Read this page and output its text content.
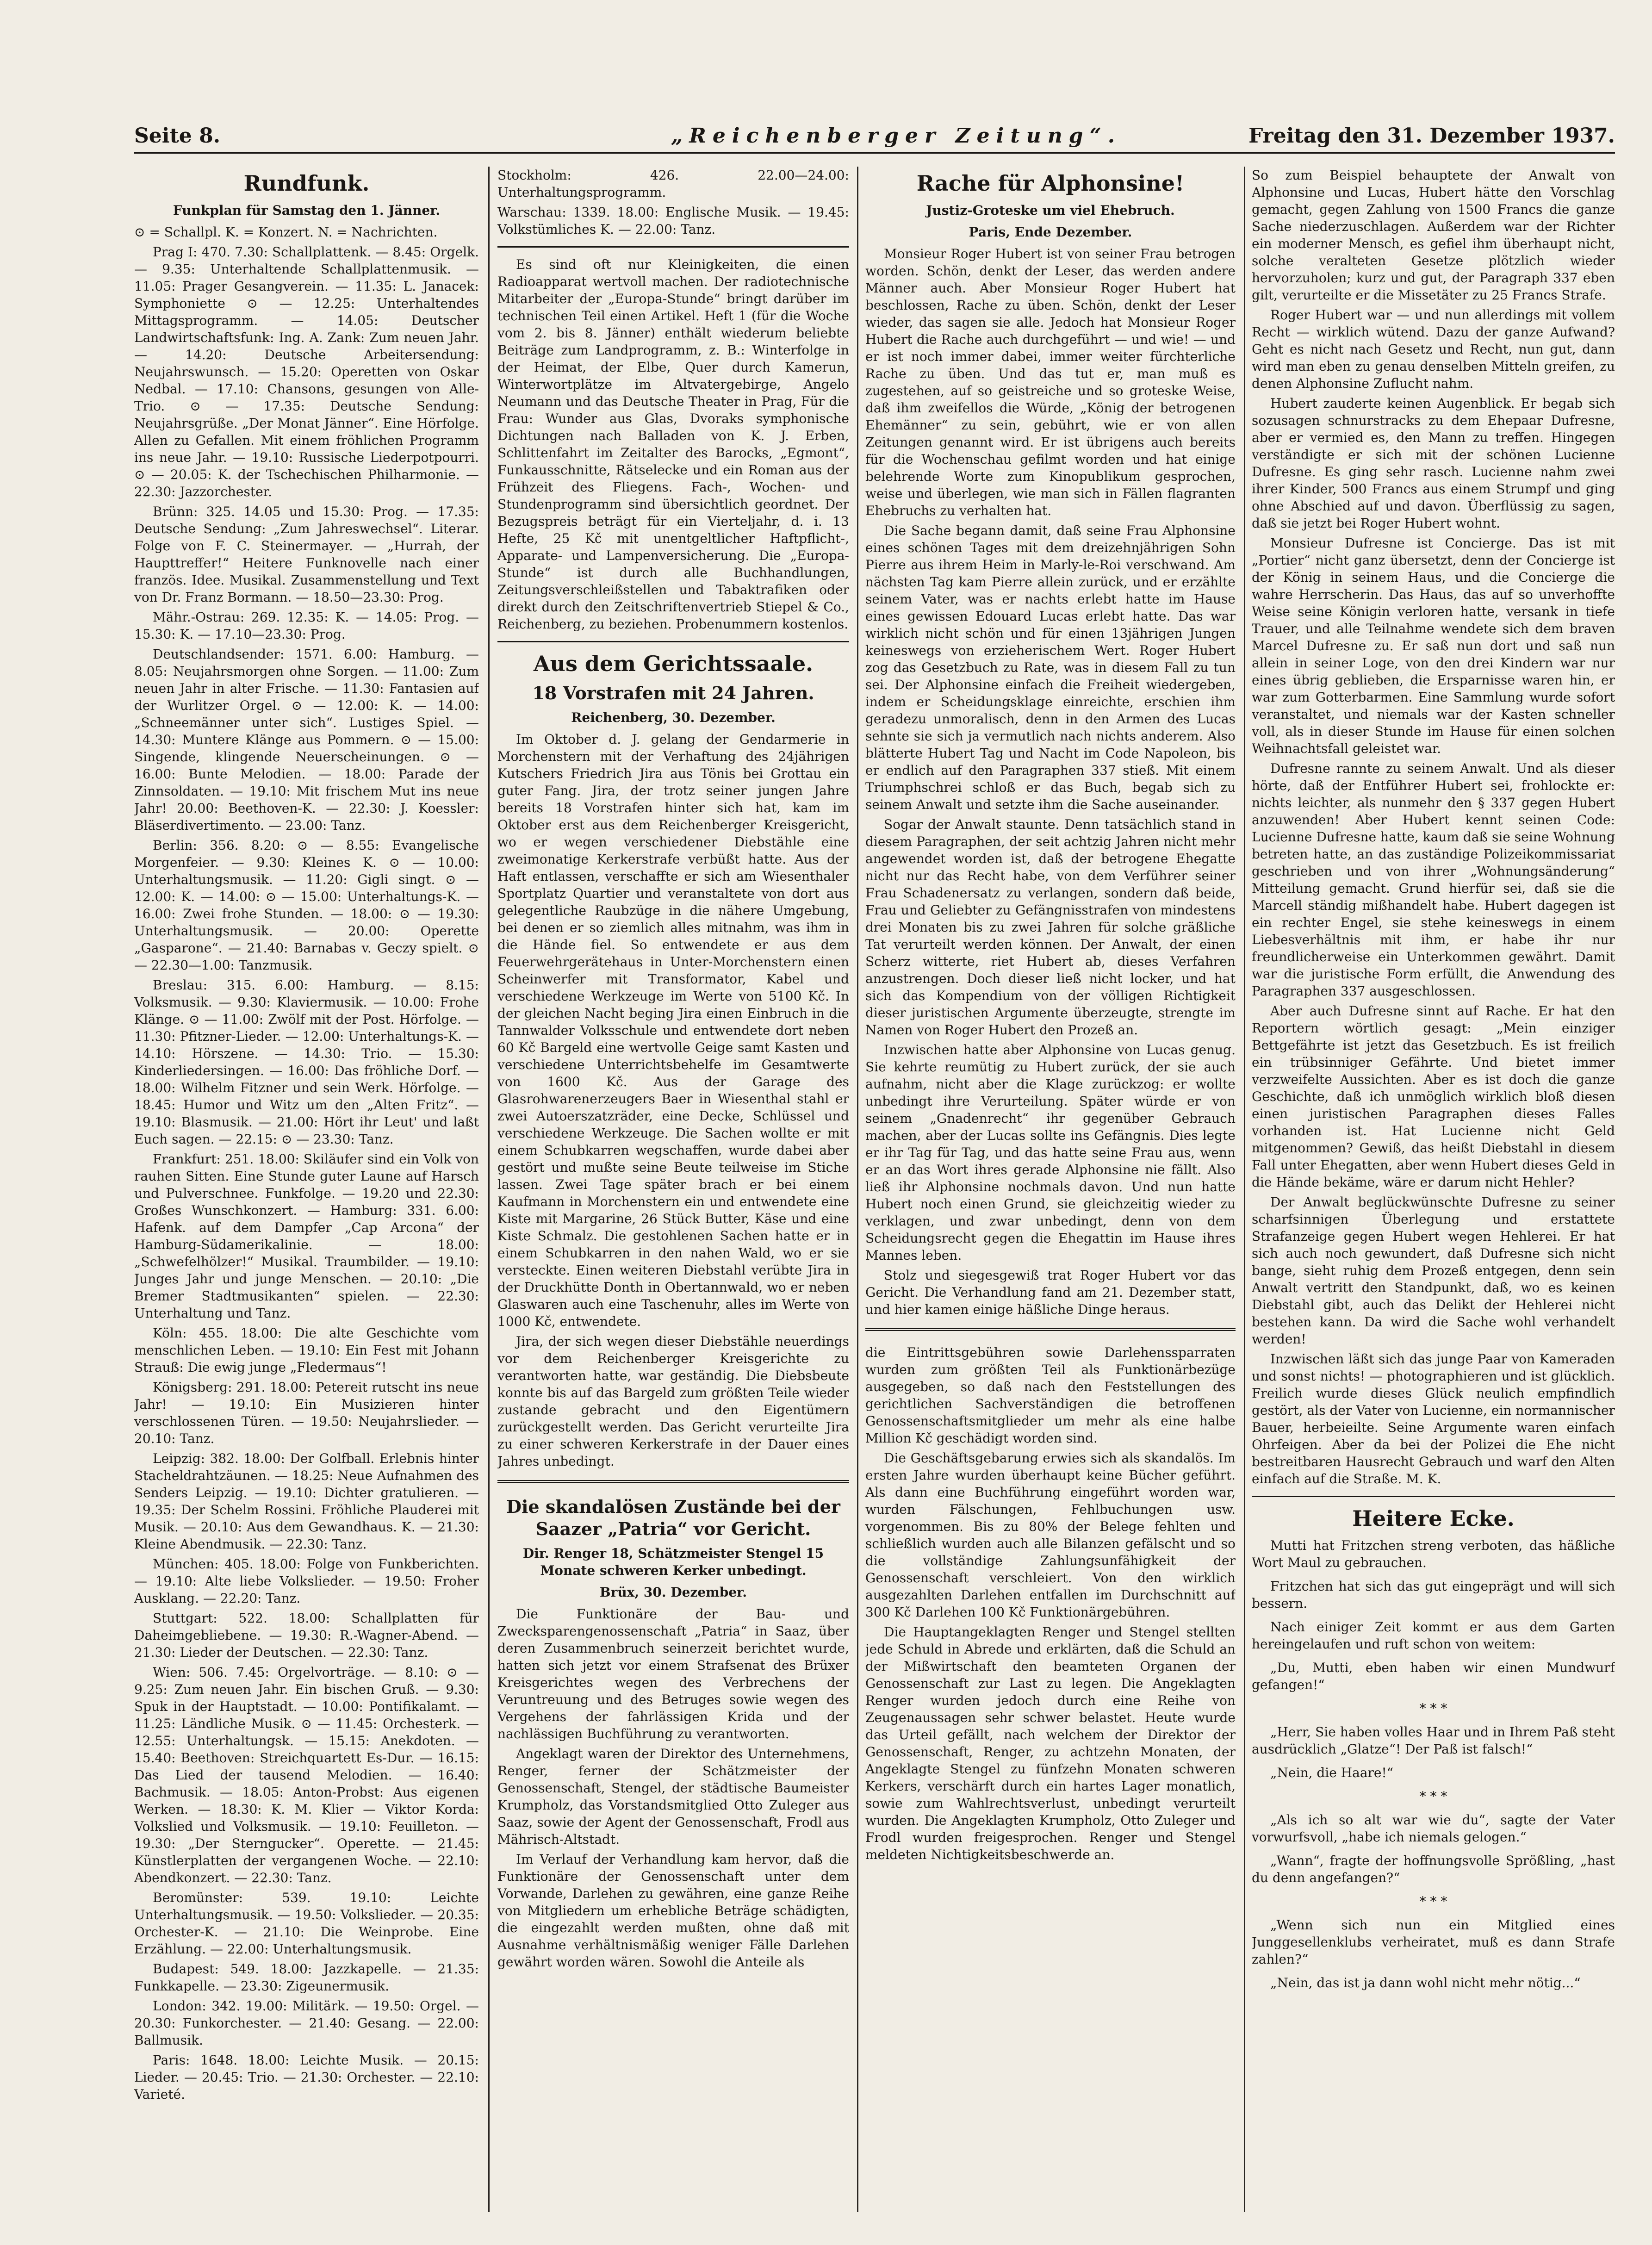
Seite 8.	„Reichenberger Zeitung“.	Freitag den 31. Dezember 1937.
Rundfunk.
Funkplan für Samstag den 1. Jänner.

⊙ = Schallpl. K. = Konzert. N. = Nachrichten.

Prag I: 470. 7.30: Schallplattenk. — 8.45: Orgelk. — 9.35: Unterhaltende Schallplattenmusik. — 11.05: Prager Gesangverein. — 11.35: L. Janacek: Symphoniette ⊙ — 12.25: Unterhaltendes Mittagsprogramm. — 14.05: Deutscher Landwirtschaftsfunk: Ing. A. Zank: Zum neuen Jahr. — 14.20: Deutsche Arbeitersendung: Neujahrswunsch. — 15.20: Operetten von Oskar Nedbal. — 17.10: Chansons, gesungen von Alle-Trio. ⊙ — 17.35: Deutsche Sendung: Neujahrsgrüße. „Der Monat Jänner“. Eine Hörfolge. Allen zu Gefallen. Mit einem fröhlichen Programm ins neue Jahr. — 19.10: Russische Liederpotpourri. ⊙ — 20.05: K. der Tschechischen Philharmonie. — 22.30: Jazzorchester.

Brünn: 325. 14.05 und 15.30: Prog. — 17.35: Deutsche Sendung: „Zum Jahreswechsel“. Literar. Folge von F. C. Steinermayer. — „Hurrah, der Haupttreffer!“ Heitere Funknovelle nach einer französ. Idee. Musikal. Zusammenstellung und Text von Dr. Franz Bormann. — 18.50—23.30: Prog.

Mähr.-Ostrau: 269. 12.35: K. — 14.05: Prog. — 15.30: K. — 17.10—23.30: Prog.

Deutschlandsender: 1571. 6.00: Hamburg. — 8.05: Neujahrsmorgen ohne Sorgen. — 11.00: Zum neuen Jahr in alter Frische. — 11.30: Fantasien auf der Wurlitzer Orgel. ⊙ — 12.00: K. — 14.00: „Schneemänner unter sich“. Lustiges Spiel. — 14.30: Muntere Klänge aus Pommern. ⊙ — 15.00: Singende, klingende Neuerscheinungen. ⊙ — 16.00: Bunte Melodien. — 18.00: Parade der Zinnsoldaten. — 19.10: Mit frischem Mut ins neue Jahr! 20.00: Beethoven-K. — 22.30: J. Koessler: Bläserdivertimento. — 23.00: Tanz.

Berlin: 356. 8.20: ⊙ — 8.55: Evangelische Morgenfeier. — 9.30: Kleines K. ⊙ — 10.00: Unterhaltungsmusik. — 11.20: Gigli singt. ⊙ — 12.00: K. — 14.00: ⊙ — 15.00: Unterhaltungs-K. — 16.00: Zwei frohe Stunden. — 18.00: ⊙ — 19.30: Unterhaltungsmusik. — 20.00: Operette „Gasparone“. — 21.40: Barnabas v. Geczy spielt. ⊙ — 22.30—1.00: Tanzmusik.

Breslau: 315. 6.00: Hamburg. — 8.15: Volksmusik. — 9.30: Klaviermusik. — 10.00: Frohe Klänge. ⊙ — 11.00: Zwölf mit der Post. Hörfolge. — 11.30: Pfitzner-Lieder. — 12.00: Unterhaltungs-K. — 14.10: Hörszene. — 14.30: Trio. — 15.30: Kinderliedersingen. — 16.00: Das fröhliche Dorf. — 18.00: Wilhelm Fitzner und sein Werk. Hörfolge. — 18.45: Humor und Witz um den „Alten Fritz“. — 19.10: Blasmusik. — 21.00: Hört ihr Leut' und laßt Euch sagen. — 22.15: ⊙ — 23.30: Tanz.

Frankfurt: 251. 18.00: Skiläufer sind ein Volk von rauhen Sitten. Eine Stunde guter Laune auf Harsch und Pulverschnee. Funkfolge. — 19.20 und 22.30: Großes Wunschkonzert. — Hamburg: 331. 6.00: Hafenk. auf dem Dampfer „Cap Arcona“ der Hamburg-Südamerikalinie. — 18.00: „Schwefelhölzer!“ Musikal. Traumbilder. — 19.10: Junges Jahr und junge Menschen. — 20.10: „Die Bremer Stadtmusikanten“ spielen. — 22.30: Unterhaltung und Tanz.

Köln: 455. 18.00: Die alte Geschichte vom menschlichen Leben. — 19.10: Ein Fest mit Johann Strauß: Die ewig junge „Fledermaus“!

Königsberg: 291. 18.00: Petereit rutscht ins neue Jahr! — 19.10: Ein Musizieren hinter verschlossenen Türen. — 19.50: Neujahrslieder. — 20.10: Tanz.

Leipzig: 382. 18.00: Der Golfball. Erlebnis hinter Stacheldrahtzäunen. — 18.25: Neue Aufnahmen des Senders Leipzig. — 19.10: Dichter gratulieren. — 19.35: Der Schelm Rossini. Fröhliche Plauderei mit Musik. — 20.10: Aus dem Gewandhaus. K. — 21.30: Kleine Abendmusik. — 22.30: Tanz.

München: 405. 18.00: Folge von Funkberichten. — 19.10: Alte liebe Volkslieder. — 19.50: Froher Ausklang. — 22.20: Tanz.

Stuttgart: 522. 18.00: Schallplatten für Daheimgebliebene. — 19.30: R.-Wagner-Abend. — 21.30: Lieder der Deutschen. — 22.30: Tanz.

Wien: 506. 7.45: Orgelvorträge. — 8.10: ⊙ — 9.25: Zum neuen Jahr. Ein bischen Gruß. — 9.30: Spuk in der Hauptstadt. — 10.00: Pontifikalamt. — 11.25: Ländliche Musik. ⊙ — 11.45: Orchesterk. — 12.55: Unterhaltungsk. — 15.15: Anekdoten. — 15.40: Beethoven: Streichquartett Es-Dur. — 16.15: Das Lied der tausend Melodien. — 16.40: Bachmusik. — 18.05: Anton-Probst: Aus eigenen Werken. — 18.30: K. M. Klier — Viktor Korda: Volkslied und Volksmusik. — 19.10: Feuilleton. — 19.30: „Der Sterngucker“. Operette. — 21.45: Künstlerplatten der vergangenen Woche. — 22.10: Abendkonzert. — 22.30: Tanz.

Beromünster: 539. 19.10: Leichte Unterhaltungsmusik. — 19.50: Volkslieder. — 20.35: Orchester-K. — 21.10: Die Weinprobe. Eine Erzählung. — 22.00: Unterhaltungsmusik.

Budapest: 549. 18.00: Jazzkapelle. — 21.35: Funkkapelle. — 23.30: Zigeunermusik.

London: 342. 19.00: Militärk. — 19.50: Orgel. — 20.30: Funkorchester. — 21.40: Gesang. — 22.00: Ballmusik.

Paris: 1648. 18.00: Leichte Musik. — 20.15: Lieder. — 20.45: Trio. — 21.30: Orchester. — 22.10: Varieté.

Stockholm: 426. 22.00—24.00: Unterhaltungsprogramm.

Warschau: 1339. 18.00: Englische Musik. — 19.45: Volkstümliches K. — 22.00: Tanz.

Es sind oft nur Kleinigkeiten, die einen Radioapparat wertvoll machen. Der radiotechnische Mitarbeiter der „Europa-Stunde“ bringt darüber im technischen Teil einen Artikel. Heft 1 (für die Woche vom 2. bis 8. Jänner) enthält wiederum beliebte Beiträge zum Landprogramm, z. B.: Winterfolge in der Heimat, der Elbe, Quer durch Kamerun, Winterwortplätze im Altvatergebirge, Angelo Neumann und das Deutsche Theater in Prag, Für die Frau: Wunder aus Glas, Dvoraks symphonische Dichtungen nach Balladen von K. J. Erben, Schlittenfahrt im Zeitalter des Barocks, „Egmont“, Funkausschnitte, Rätselecke und ein Roman aus der Frühzeit des Fliegens. Fach-, Wochen- und Stundenprogramm sind übersichtlich geordnet. Der Bezugspreis beträgt für ein Vierteljahr, d. i. 13 Hefte, 25 Kč mit unentgeltlicher Haftpflicht-, Apparate- und Lampenversicherung. Die „Europa-Stunde“ ist durch alle Buchhandlungen, Zeitungsverschleißstellen und Tabaktrafiken oder direkt durch den Zeitschriftenvertrieb Stiepel & Co., Reichenberg, zu beziehen. Probenummern kostenlos.

Aus dem Gerichtssaale.
18 Vorstrafen mit 24 Jahren.
Reichenberg, 30. Dezember.

Im Oktober d. J. gelang der Gendarmerie in Morchenstern mit der Verhaftung des 24jährigen Kutschers Friedrich Jira aus Tönis bei Grottau ein guter Fang. Jira, der trotz seiner jungen Jahre bereits 18 Vorstrafen hinter sich hat, kam im Oktober erst aus dem Reichenberger Kreisgericht, wo er wegen verschiedener Diebstähle eine zweimonatige Kerkerstrafe verbüßt hatte. Aus der Haft entlassen, verschaffte er sich am Wiesenthaler Sportplatz Quartier und veranstaltete von dort aus gelegentliche Raubzüge in die nähere Umgebung, bei denen er so ziemlich alles mitnahm, was ihm in die Hände fiel. So entwendete er aus dem Feuerwehrgerätehaus in Unter-Morchenstern einen Scheinwerfer mit Transformator, Kabel und verschiedene Werkzeuge im Werte von 5100 Kč. In der gleichen Nacht beging Jira einen Einbruch in die Tannwalder Volksschule und entwendete dort neben 60 Kč Bargeld eine wertvolle Geige samt Kasten und verschiedene Unterrichtsbehelfe im Gesamtwerte von 1600 Kč. Aus der Garage des Glasrohwarenerzeugers Baer in Wiesenthal stahl er zwei Autoerszatzräder, eine Decke, Schlüssel und verschiedene Werkzeuge. Die Sachen wollte er mit einem Schubkarren wegschaffen, wurde dabei aber gestört und mußte seine Beute teilweise im Stiche lassen. Zwei Tage später brach er bei einem Kaufmann in Morchenstern ein und entwendete eine Kiste mit Margarine, 26 Stück Butter, Käse und eine Kiste Schmalz. Die gestohlenen Sachen hatte er in einem Schubkarren in den nahen Wald, wo er sie versteckte. Einen weiteren Diebstahl verübte Jira in der Druckhütte Donth in Obertannwald, wo er neben Glaswaren auch eine Taschenuhr, alles im Werte von 1000 Kč, entwendete.

Jira, der sich wegen dieser Diebstähle neuerdings vor dem Reichenberger Kreisgerichte zu verantworten hatte, war geständig. Die Diebsbeute konnte bis auf das Bargeld zum größten Teile wieder zustande gebracht und den Eigentümern zurückgestellt werden. Das Gericht verurteilte Jira zu einer schweren Kerkerstrafe in der Dauer eines Jahres unbedingt.

Die skandalösen Zustände bei der Saazer „Patria“ vor Gericht.
Dir. Renger 18, Schätzmeister Stengel 15 Monate schweren Kerker unbedingt.
Brüx, 30. Dezember.

Die Funktionäre der Bau- und Zwecksparengenossenschaft „Patria“ in Saaz, über deren Zusammenbruch seinerzeit berichtet wurde, hatten sich jetzt vor einem Strafsenat des Brüxer Kreisgerichtes wegen des Verbrechens der Veruntreuung und des Betruges sowie wegen des Vergehens der fahrlässigen Krida und der nachlässigen Buchführung zu verantworten.

Angeklagt waren der Direktor des Unternehmens, Renger, ferner der Schätzmeister der Genossenschaft, Stengel, der städtische Baumeister Krumpholz, das Vorstandsmitglied Otto Zuleger aus Saaz, sowie der Agent der Genossenschaft, Frodl aus Mährisch-Altstadt.

Im Verlauf der Verhandlung kam hervor, daß die Funktionäre der Genossenschaft unter dem Vorwande, Darlehen zu gewähren, eine ganze Reihe von Mitgliedern um erhebliche Beträge schädigten, die eingezahlt werden mußten, ohne daß mit Ausnahme verhältnismäßig weniger Fälle Darlehen gewährt worden wären. Sowohl die Anteile als

Rache für Alphonsine!
Justiz-Groteske um viel Ehebruch.
Paris, Ende Dezember.

Monsieur Roger Hubert ist von seiner Frau betrogen worden. Schön, denkt der Leser, das werden andere Männer auch. Aber Monsieur Roger Hubert hat beschlossen, Rache zu üben. Schön, denkt der Leser wieder, das sagen sie alle. Jedoch hat Monsieur Roger Hubert die Rache auch durchgeführt — und wie! — und er ist noch immer dabei, immer weiter fürchterliche Rache zu üben. Und das tut er, man muß es zugestehen, auf so geistreiche und so groteske Weise, daß ihm zweifellos die Würde, „König der betrogenen Ehemänner“ zu sein, gebührt, wie er von allen Zeitungen genannt wird. Er ist übrigens auch bereits für die Wochenschau gefilmt worden und hat einige belehrende Worte zum Kinopublikum gesprochen, weise und überlegen, wie man sich in Fällen flagranten Ehebruchs zu verhalten hat.

Die Sache begann damit, daß seine Frau Alphonsine eines schönen Tages mit dem dreizehnjährigen Sohn Pierre aus ihrem Heim in Marly-le-Roi verschwand. Am nächsten Tag kam Pierre allein zurück, und er erzählte seinem Vater, was er nachts erlebt hatte im Hause eines gewissen Edouard Lucas erlebt hatte. Das war wirklich nicht schön und für einen 13jährigen Jungen keineswegs von erzieherischem Wert. Roger Hubert zog das Gesetzbuch zu Rate, was in diesem Fall zu tun sei. Der Alphonsine einfach die Freiheit wiedergeben, indem er Scheidungsklage einreichte, erschien ihm geradezu unmoralisch, denn in den Armen des Lucas sehnte sie sich ja vermutlich nach nichts anderem. Also blätterte Hubert Tag und Nacht im Code Napoleon, bis er endlich auf den Paragraphen 337 stieß. Mit einem Triumphschrei schloß er das Buch, begab sich zu seinem Anwalt und setzte ihm die Sache auseinander.

Sogar der Anwalt staunte. Denn tatsächlich stand in diesem Paragraphen, der seit achtzig Jahren nicht mehr angewendet worden ist, daß der betrogene Ehegatte nicht nur das Recht habe, von dem Verführer seiner Frau Schadenersatz zu verlangen, sondern daß beide, Frau und Geliebter zu Gefängnisstrafen von mindestens drei Monaten bis zu zwei Jahren für solche gräßliche Tat verurteilt werden können. Der Anwalt, der einen Scherz witterte, riet Hubert ab, dieses Verfahren anzustrengen. Doch dieser ließ nicht locker, und hat sich das Kompendium von der völligen Richtigkeit dieser juristischen Argumente überzeugte, strengte im Namen von Roger Hubert den Prozeß an.

Inzwischen hatte aber Alphonsine von Lucas genug. Sie kehrte reumütig zu Hubert zurück, der sie auch aufnahm, nicht aber die Klage zurückzog: er wollte unbedingt ihre Verurteilung. Später würde er von seinem „Gnadenrecht“ ihr gegenüber Gebrauch machen, aber der Lucas sollte ins Gefängnis. Dies legte er ihr Tag für Tag, und das hatte seine Frau aus, wenn er an das Wort ihres gerade Alphonsine nie fällt. Also ließ ihr Alphonsine nochmals davon. Und nun hatte Hubert noch einen Grund, sie gleichzeitig wieder zu verklagen, und zwar unbedingt, denn von dem Scheidungsrecht gegen die Ehegattin im Hause ihres Mannes leben.

Stolz und siegesgewiß trat Roger Hubert vor das Gericht. Die Verhandlung fand am 21. Dezember statt, und hier kamen einige häßliche Dinge heraus.

die Eintrittsgebühren sowie Darlehenssparraten wurden zum größten Teil als Funktionärbezüge ausgegeben, so daß nach den Feststellungen des gerichtlichen Sachverständigen die betroffenen Genossenschaftsmitglieder um mehr als eine halbe Million Kč geschädigt worden sind.

Die Geschäftsgebarung erwies sich als skandalös. Im ersten Jahre wurden überhaupt keine Bücher geführt. Als dann eine Buchführung eingeführt worden war, wurden Fälschungen, Fehlbuchungen usw. vorgenommen. Bis zu 80% der Belege fehlten und schließlich wurden auch alle Bilanzen gefälscht und so die vollständige Zahlungsunfähigkeit der Genossenschaft verschleiert. Von den wirklich ausgezahlten Darlehen entfallen im Durchschnitt auf 300 Kč Darlehen 100 Kč Funktionärgebühren.

Die Hauptangeklagten Renger und Stengel stellten jede Schuld in Abrede und erklärten, daß die Schuld an der Mißwirtschaft den beamteten Organen der Genossenschaft zur Last zu legen. Die Angeklagten Renger wurden jedoch durch eine Reihe von Zeugenaussagen sehr schwer belastet. Heute wurde das Urteil gefällt, nach welchem der Direktor der Genossenschaft, Renger, zu achtzehn Monaten, der Angeklagte Stengel zu fünfzehn Monaten schweren Kerkers, verschärft durch ein hartes Lager monatlich, sowie zum Wahlrechtsverlust, unbedingt verurteilt wurden. Die Angeklagten Krumpholz, Otto Zuleger und Frodl wurden freigesprochen. Renger und Stengel meldeten Nichtigkeitsbeschwerde an.

So zum Beispiel behauptete der Anwalt von Alphonsine und Lucas, Hubert hätte den Vorschlag gemacht, gegen Zahlung von 1500 Francs die ganze Sache niederzuschlagen. Außerdem war der Richter ein moderner Mensch, es gefiel ihm überhaupt nicht, solche veralteten Gesetze plötzlich wieder hervorzuholen; kurz und gut, der Paragraph 337 eben gilt, verurteilte er die Missetäter zu 25 Francs Strafe.

Roger Hubert war — und nun allerdings mit vollem Recht — wirklich wütend. Dazu der ganze Aufwand? Geht es nicht nach Gesetz und Recht, nun gut, dann wird man eben zu genau denselben Mitteln greifen, zu denen Alphonsine Zuflucht nahm.

Hubert zauderte keinen Augenblick. Er begab sich sozusagen schnurstracks zu dem Ehepaar Dufresne, aber er vermied es, den Mann zu treffen. Hingegen verständigte er sich mit der schönen Lucienne Dufresne. Es ging sehr rasch. Lucienne nahm zwei ihrer Kinder, 500 Francs aus einem Strumpf und ging ohne Abschied auf und davon. Überflüssig zu sagen, daß sie jetzt bei Roger Hubert wohnt.

Monsieur Dufresne ist Concierge. Das ist mit „Portier“ nicht ganz übersetzt, denn der Concierge ist der König in seinem Haus, und die Concierge die wahre Herrscherin. Das Haus, das auf so unverhoffte Weise seine Königin verloren hatte, versank in tiefe Trauer, und alle Teilnahme wendete sich dem braven Marcel Dufresne zu. Er saß nun dort und saß nun allein in seiner Loge, von den drei Kindern war nur eines übrig geblieben, die Ersparnisse waren hin, er war zum Gotterbarmen. Eine Sammlung wurde sofort veranstaltet, und niemals war der Kasten schneller voll, als in dieser Stunde im Hause für einen solchen Weihnachtsfall geleistet war.

Dufresne rannte zu seinem Anwalt. Und als dieser hörte, daß der Entführer Hubert sei, frohlockte er: nichts leichter, als nunmehr den § 337 gegen Hubert anzuwenden! Aber Hubert kennt seinen Code: Lucienne Dufresne hatte, kaum daß sie seine Wohnung betreten hatte, an das zuständige Polizeikommissariat geschrieben und von ihrer „Wohnungsänderung“ Mitteilung gemacht. Grund hierfür sei, daß sie die Marcell ständig mißhandelt habe. Hubert dagegen ist ein rechter Engel, sie stehe keineswegs in einem Liebesverhältnis mit ihm, er habe ihr nur freundlicherweise ein Unterkommen gewährt. Damit war die juristische Form erfüllt, die Anwendung des Paragraphen 337 ausgeschlossen.

Aber auch Dufresne sinnt auf Rache. Er hat den Reportern wörtlich gesagt: „Mein einziger Bettgefährte ist jetzt das Gesetzbuch. Es ist freilich ein trübsinniger Gefährte. Und bietet immer verzweifelte Aussichten. Aber es ist doch die ganze Geschichte, daß ich unmöglich wirklich bloß diesen einen juristischen Paragraphen dieses Falles vorhanden ist. Hat Lucienne nicht Geld mitgenommen? Gewiß, das heißt Diebstahl in diesem Fall unter Ehegatten, aber wenn Hubert dieses Geld in die Hände bekäme, wäre er darum nicht Hehler?

Der Anwalt beglückwünschte Dufresne zu seiner scharfsinnigen Überlegung und erstattete Strafanzeige gegen Hubert wegen Hehlerei. Er hat sich auch noch gewundert, daß Dufresne sich nicht bange, sieht ruhig dem Prozeß entgegen, denn sein Anwalt vertritt den Standpunkt, daß, wo es keinen Diebstahl gibt, auch das Delikt der Hehlerei nicht bestehen kann. Da wird die Sache wohl verhandelt werden!

Inzwischen läßt sich das junge Paar von Kameraden und sonst nichts! — photographieren und ist glücklich. Freilich wurde dieses Glück neulich empfindlich gestört, als der Vater von Lucienne, ein normannischer Bauer, herbeieilte. Seine Argumente waren einfach Ohrfeigen. Aber da bei der Polizei die Ehe nicht bestreitbaren Hausrecht Gebrauch und warf den Alten einfach auf die Straße. M. K.

Heitere Ecke.

Mutti hat Fritzchen streng verboten, das häßliche Wort Maul zu gebrauchen.

Fritzchen hat sich das gut eingeprägt und will sich bessern.

Nach einiger Zeit kommt er aus dem Garten hereingelaufen und ruft schon von weitem:

„Du, Mutti, eben haben wir einen Mundwurf gefangen!“

* * *

„Herr, Sie haben volles Haar und in Ihrem Paß steht ausdrücklich „Glatze“! Der Paß ist falsch!“

„Nein, die Haare!“

* * *

„Als ich so alt war wie du“, sagte der Vater vorwurfsvoll, „habe ich niemals gelogen.“

„Wann“, fragte der hoffnungsvolle Sprößling, „hast du denn angefangen?“

* * *

„Wenn sich nun ein Mitglied eines Junggesellenklubs verheiratet, muß es dann Strafe zahlen?“

„Nein, das ist ja dann wohl nicht mehr nötig...“
